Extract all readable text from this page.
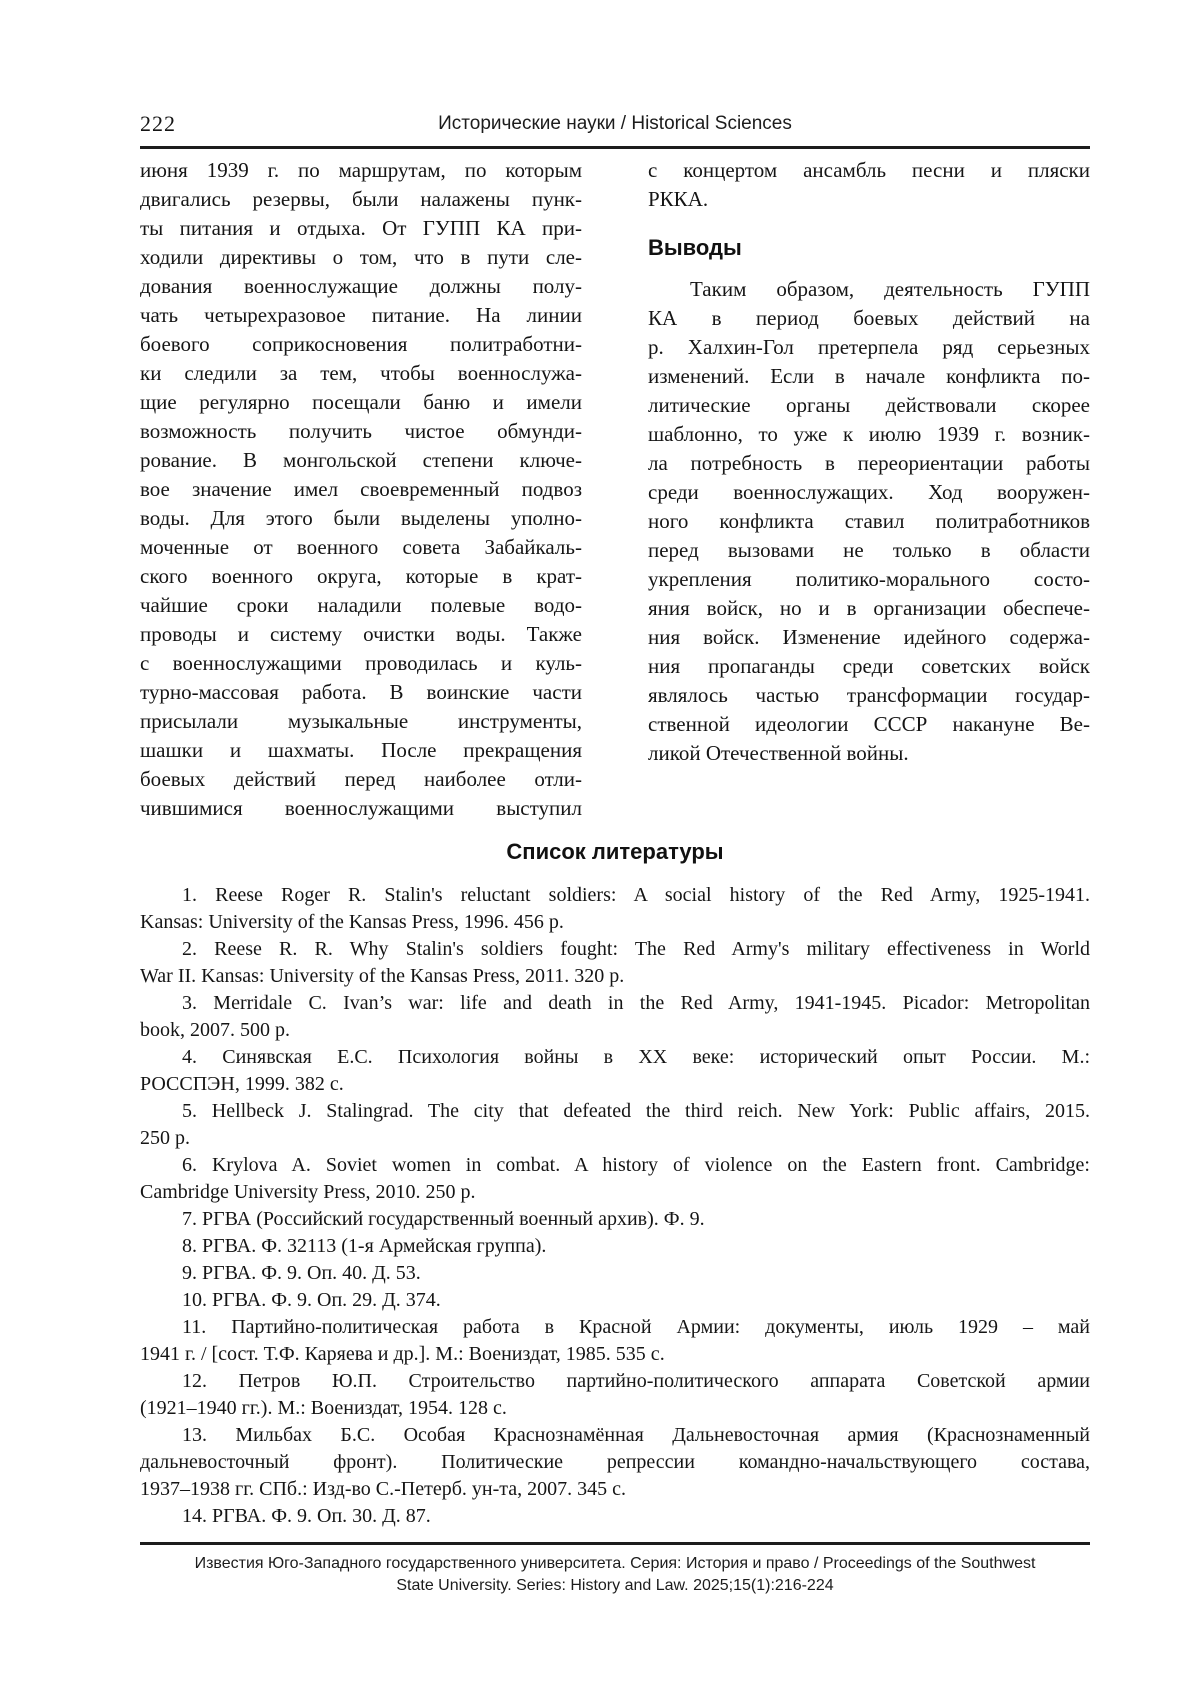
222	Исторические науки / Historical Sciences
июня 1939 г. по маршрутам, по которым
двигались резервы, были налажены пунк-
ты питания и отдыха. От ГУПП КА при-
ходили директивы о том, что в пути сле-
дования военнослужащие должны полу-
чать четырехразовое питание. На линии
боевого соприкосновения политработни-
ки следили за тем, чтобы военнослужа-
щие регулярно посещали баню и имели
возможность получить чистое обмунди-
рование. В монгольской степени ключе-
вое значение имел своевременный подвоз
воды. Для этого были выделены уполно-
моченные от военного совета Забайкаль-
ского военного округа, которые в крат-
чайшие сроки наладили полевые водо-
проводы и систему очистки воды. Также
с военнослужащими проводилась и куль-
турно-массовая работа. В воинские части
присылали музыкальные инструменты,
шашки и шахматы. После прекращения
боевых действий перед наиболее отли-
чившимися военнослужащими выступил
с концертом ансамбль песни и пляски
РККА.
Выводы
Таким образом, деятельность ГУПП
КА в период боевых действий на
р. Халхин-Гол претерпела ряд серьезных
изменений. Если в начале конфликта по-
литические органы действовали скорее
шаблонно, то уже к июлю 1939 г. возник-
ла потребность в переориентации работы
среди военнослужащих. Ход вооружен-
ного конфликта ставил политработников
перед вызовами не только в области
укрепления политико-морального состо-
яния войск, но и в организации обеспече-
ния войск. Изменение идейного содержа-
ния пропаганды среди советских войск
являлось частью трансформации государ-
ственной идеологии СССР накануне Ве-
ликой Отечественной войны.
Список литературы
1. Reese Roger R. Stalin's reluctant soldiers: A social history of the Red Army, 1925-1941.
Kansas: University of the Kansas Press, 1996. 456 p.
2. Reese R. R. Why Stalin's soldiers fought: The Red Army's military effectiveness in World
War II. Kansas: University of the Kansas Press, 2011. 320 p.
3. Merridale C. Ivan’s war: life and death in the Red Army, 1941-1945. Picador: Metropolitan
book, 2007. 500 p.
4. Синявская Е.С. Психология войны в XX веке: исторический опыт России. М.:
РОССПЭН, 1999. 382 с.
5. Hellbeck J. Stalingrad. The city that defeated the third reich. New York: Public affairs, 2015.
250 p.
6. Krylova A. Soviet women in combat. A history of violence on the Eastern front. Cambridge:
Cambridge University Press, 2010. 250 p.
7. РГВА (Российский государственный военный архив). Ф. 9.
8. РГВА. Ф. 32113 (1-я Армейская группа).
9. РГВА. Ф. 9. Оп. 40. Д. 53.
10. РГВА. Ф. 9. Оп. 29. Д. 374.
11. Партийно-политическая работа в Красной Армии: документы, июль 1929 – май
1941 г. / [сост. Т.Ф. Каряева и др.]. М.: Воениздат, 1985. 535 с.
12. Петров Ю.П. Строительство партийно-политического аппарата Советской армии
(1921–1940 гг.). М.: Воениздат, 1954. 128 с.
13. Мильбах Б.С. Особая Краснознамённая Дальневосточная армия (Краснознаменный
дальневосточный фронт). Политические репрессии командно-начальствующего состава,
1937–1938 гг. СПб.: Изд-во С.-Петерб. ун-та, 2007. 345 с.
14. РГВА. Ф. 9. Оп. 30. Д. 87.
Известия Юго-Западного государственного университета. Серия: История и право / Proceedings of the Southwest
State University. Series: History and Law. 2025;15(1):216-224
